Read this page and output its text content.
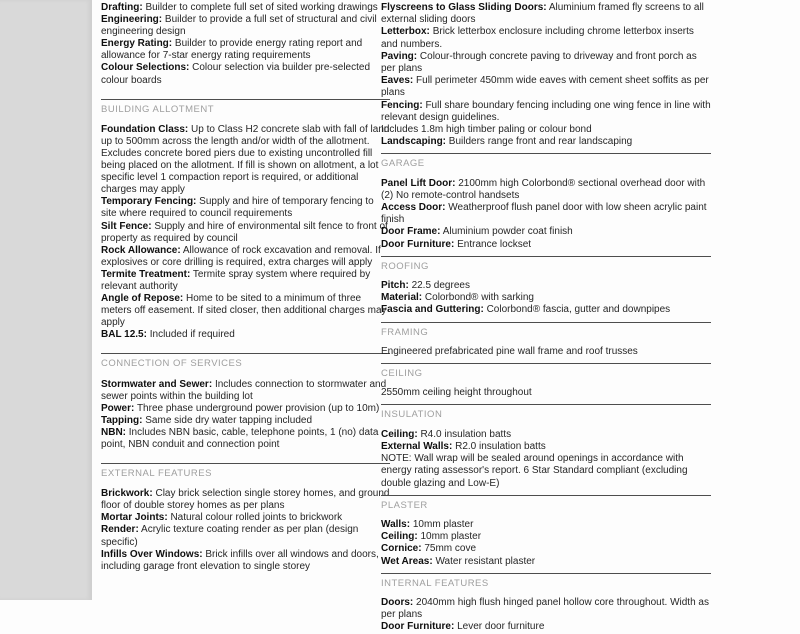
Drafting: Builder to complete full set of sited working drawings

Engineering: Builder to provide a full set of structural and civil engineering design

Energy Rating: Builder to provide energy rating report and allowance for 7-star energy rating requirements

Colour Selections: Colour selection via builder pre-selected colour boards

BUILDING ALLOTMENT

Foundation Class: Up to Class H2 concrete slab with fall of land up to 500mm across the length and/or width of the allotment. Excludes concrete bored piers due to existing uncontrolled fill being placed on the allotment. If fill is shown on allotment, a lot specific level 1 compaction report is required, or additional charges may apply

Temporary Fencing: Supply and hire of temporary fencing to site where required to council requirements

Silt Fence: Supply and hire of environmental silt fence to front of property as required by council

Rock Allowance: Allowance of rock excavation and removal. If explosives or core drilling is required, extra charges will apply

Termite Treatment: Termite spray system where required by relevant authority

Angle of Repose: Home to be sited to a minimum of three meters off easement. If sited closer, then additional charges may apply

BAL 12.5: Included if required

CONNECTION OF SERVICES

Stormwater and Sewer: Includes connection to stormwater and sewer points within the building lot

Power: Three phase underground power provision (up to 10m)

Tapping: Same side dry water tapping included

NBN: Includes NBN basic, cable, telephone points, 1 (no) data point, NBN conduit and connection point

EXTERNAL FEATURES

Brickwork: Clay brick selection single storey homes, and ground floor of double storey homes as per plans

Mortar Joints: Natural colour rolled joints to brickwork

Render: Acrylic texture coating render as per plan (design specific)

Infills Over Windows: Brick infills over all windows and doors, including garage front elevation to single storey

Flyscreens to Glass Sliding Doors: Aluminium framed fly screens to all external sliding doors

Letterbox: Brick letterbox enclosure including chrome letterbox inserts and numbers.

Paving: Colour-through concrete paving to driveway and front porch as per plans

Eaves: Full perimeter 450mm wide eaves with cement sheet soffits as per plans

Fencing: Full share boundary fencing including one wing fence in line with relevant design guidelines.

Includes 1.8m high timber paling or colour bond

Landscaping: Builders range front and rear landscaping

GARAGE

Panel Lift Door: 2100mm high Colorbond® sectional overhead door with (2) No remote-control handsets

Access Door: Weatherproof flush panel door with low sheen acrylic paint finish

Door Frame: Aluminium powder coat finish

Door Furniture: Entrance lockset

ROOFING

Pitch: 22.5 degrees

Material: Colorbond® with sarking

Fascia and Guttering: Colorbond® fascia, gutter and downpipes

FRAMING

Engineered prefabricated pine wall frame and roof trusses

CEILING

2550mm ceiling height throughout

INSULATION

Ceiling: R4.0 insulation batts

External Walls: R2.0 insulation batts

NOTE: Wall wrap will be sealed around openings in accordance with energy rating assessor's report. 6 Star Standard compliant (excluding double glazing and Low-E)

PLASTER

Walls: 10mm plaster

Ceiling: 10mm plaster

Cornice: 75mm cove

Wet Areas: Water resistant plaster

INTERNAL FEATURES

Doors: 2040mm high flush hinged panel hollow core throughout. Width as per plans

Door Furniture: Lever door furniture
